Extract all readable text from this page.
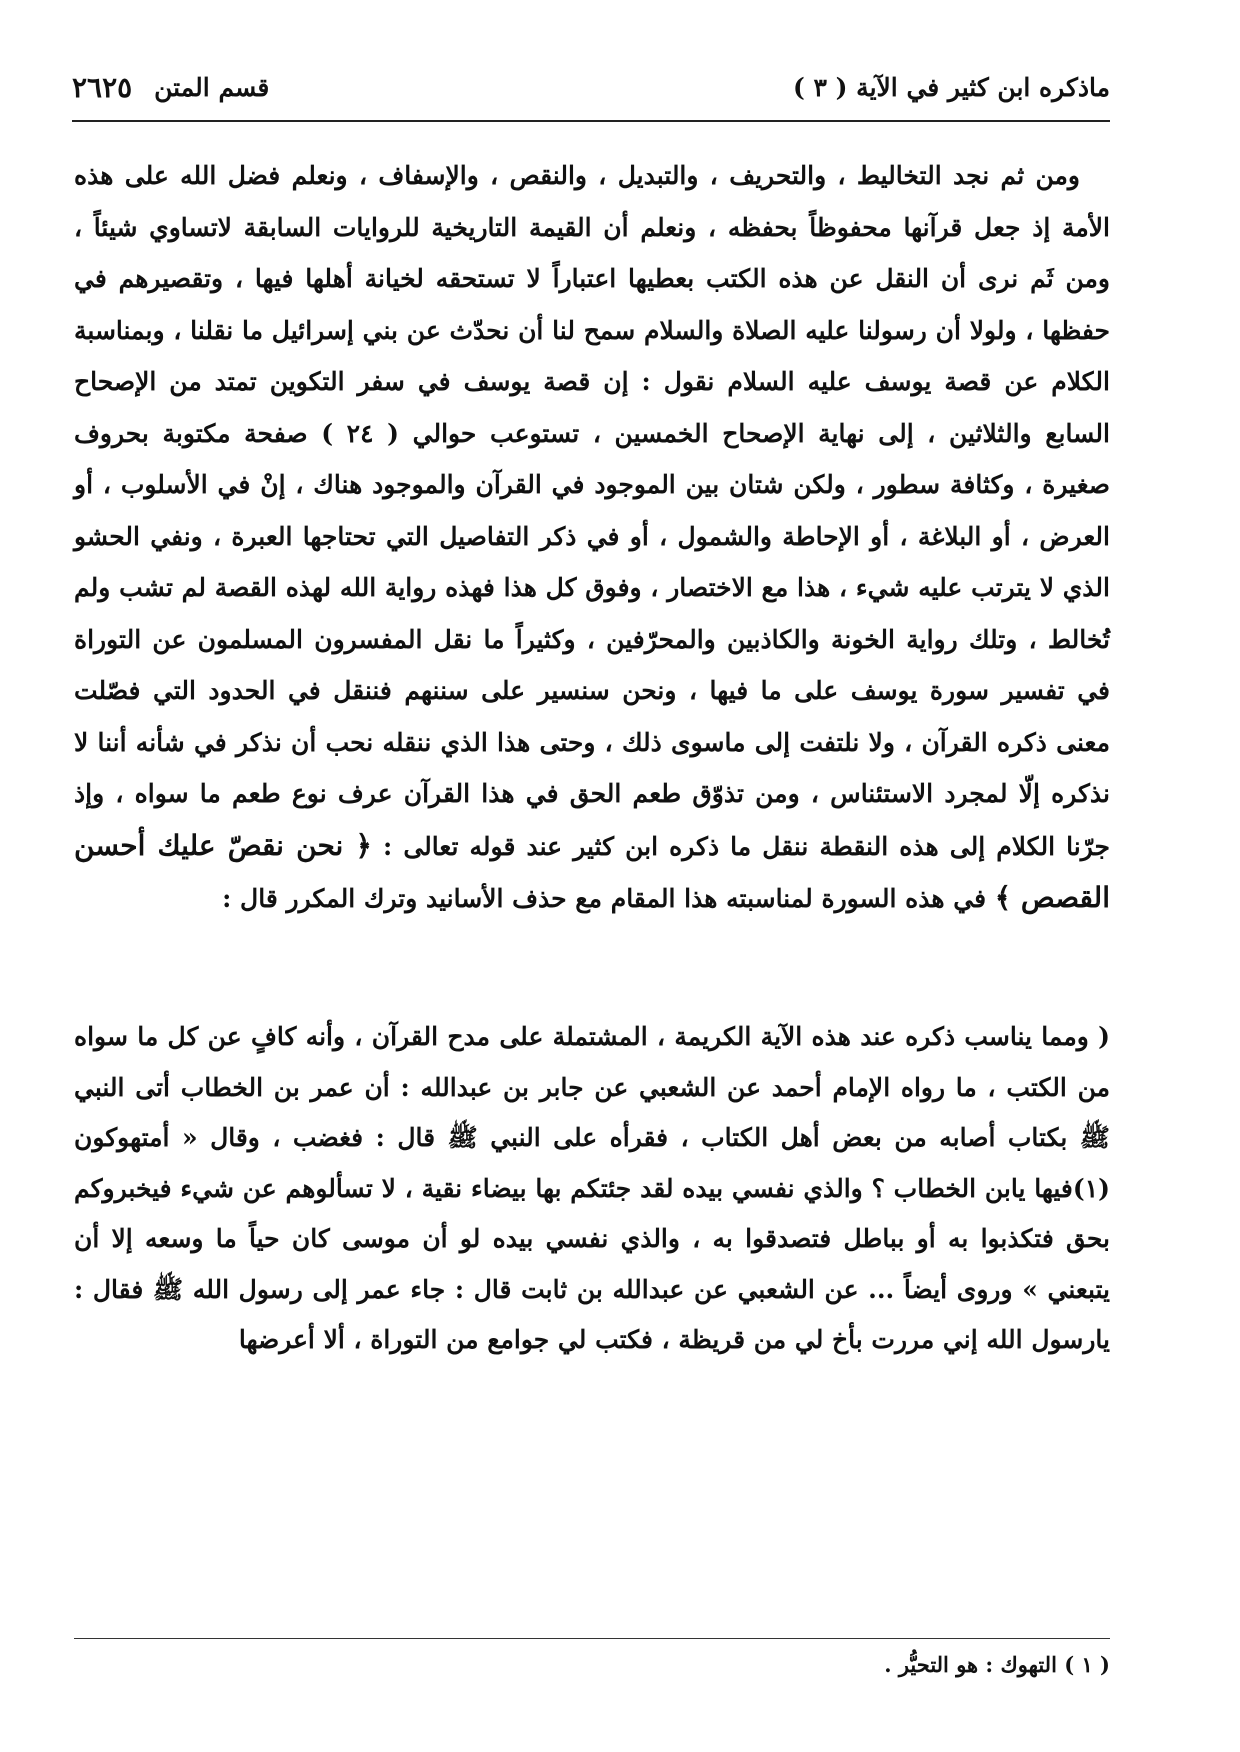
ماذكره ابن كثير في الآية ( ٣ )
قسم المتن
٢٦٢٥

ومن ثم نجد التخاليط ، والتحريف ، والتبديل ، والنقص ، والإسفاف ، ونعلم فضل الله على هذه الأمة إذ جعل قرآنها محفوظاً بحفظه ، ونعلم أن القيمة التاريخية للروايات السابقة لاتساوي شيئاً ، ومن ثَم نرى أن النقل عن هذه الكتب بعطيها اعتباراً لا تستحقه لخيانة أهلها فيها ، وتقصيرهم في حفظها ، ولولا أن رسولنا عليه الصلاة والسلام سمح لنا أن نحدّث عن بني إسرائيل ما نقلنا ، وبمناسبة الكلام عن قصة يوسف عليه السلام نقول : إن قصة يوسف في سفر التكوين تمتد من الإصحاح السابع والثلاثين ، إلى نهاية الإصحاح الخمسين ، تستوعب حوالي ( ٢٤ ) صفحة مكتوبة بحروف صغيرة ، وكثافة سطور ، ولكن شتان بين الموجود في القرآن والموجود هناك ، إنْ في الأسلوب ، أو العرض ، أو البلاغة ، أو الإحاطة والشمول ، أو في ذكر التفاصيل التي تحتاجها العبرة ، ونفي الحشو الذي لا يترتب عليه شيء ، هذا مع الاختصار ، وفوق كل هذا فهذه رواية الله لهذه القصة لم تشب ولم تُخالط ، وتلك رواية الخونة والكاذبين والمحرّفين ، وكثيراً ما نقل المفسرون المسلمون عن التوراة في تفسير سورة يوسف على ما فيها ، ونحن سنسير على سننهم فننقل في الحدود التي فصّلت معنى ذكره القرآن ، ولا نلتفت إلى ماسوى ذلك ، وحتى هذا الذي ننقله نحب أن نذكر في شأنه أننا لا نذكره إلّا لمجرد الاستئناس ، ومن تذوّق طعم الحق في هذا القرآن عرف نوع طعم ما سواه ، وإذ جرّنا الكلام إلى هذه النقطة ننقل ما ذكره ابن كثير عند قوله تعالى : ﴿ نحن نقصّ عليك أحسن القصص ﴾ في هذه السورة لمناسبته هذا المقام مع حذف الأسانيد وترك المكرر قال :

( ومما يناسب ذكره عند هذه الآية الكريمة ، المشتملة على مدح القرآن ، وأنه كافٍ عن كل ما سواه من الكتب ، ما رواه الإمام أحمد عن الشعبي عن جابر بن عبدالله : أن عمر بن الخطاب أتى النبي ﷺ بكتاب أصابه من بعض أهل الكتاب ، فقرأه على النبي ﷺ قال : فغضب ، وقال « أمتهوكون (١)فيها يابن الخطاب ؟ والذي نفسي بيده لقد جئتكم بها بيضاء نقية ، لا تسألوهم عن شيء فيخبروكم بحق فتكذبوا به أو بباطل فتصدقوا به ، والذي نفسي بيده لو أن موسى كان حياً ما وسعه إلا أن يتبعني » وروى أيضاً ... عن الشعبي عن عبدالله بن ثابت قال : جاء عمر إلى رسول الله ﷺ فقال : يارسول الله إني مررت بأخ لي من قريظة ، فكتب لي جوامع من التوراة ، ألا أعرضها

( ١ ) التهوك : هو التحيُّر .
